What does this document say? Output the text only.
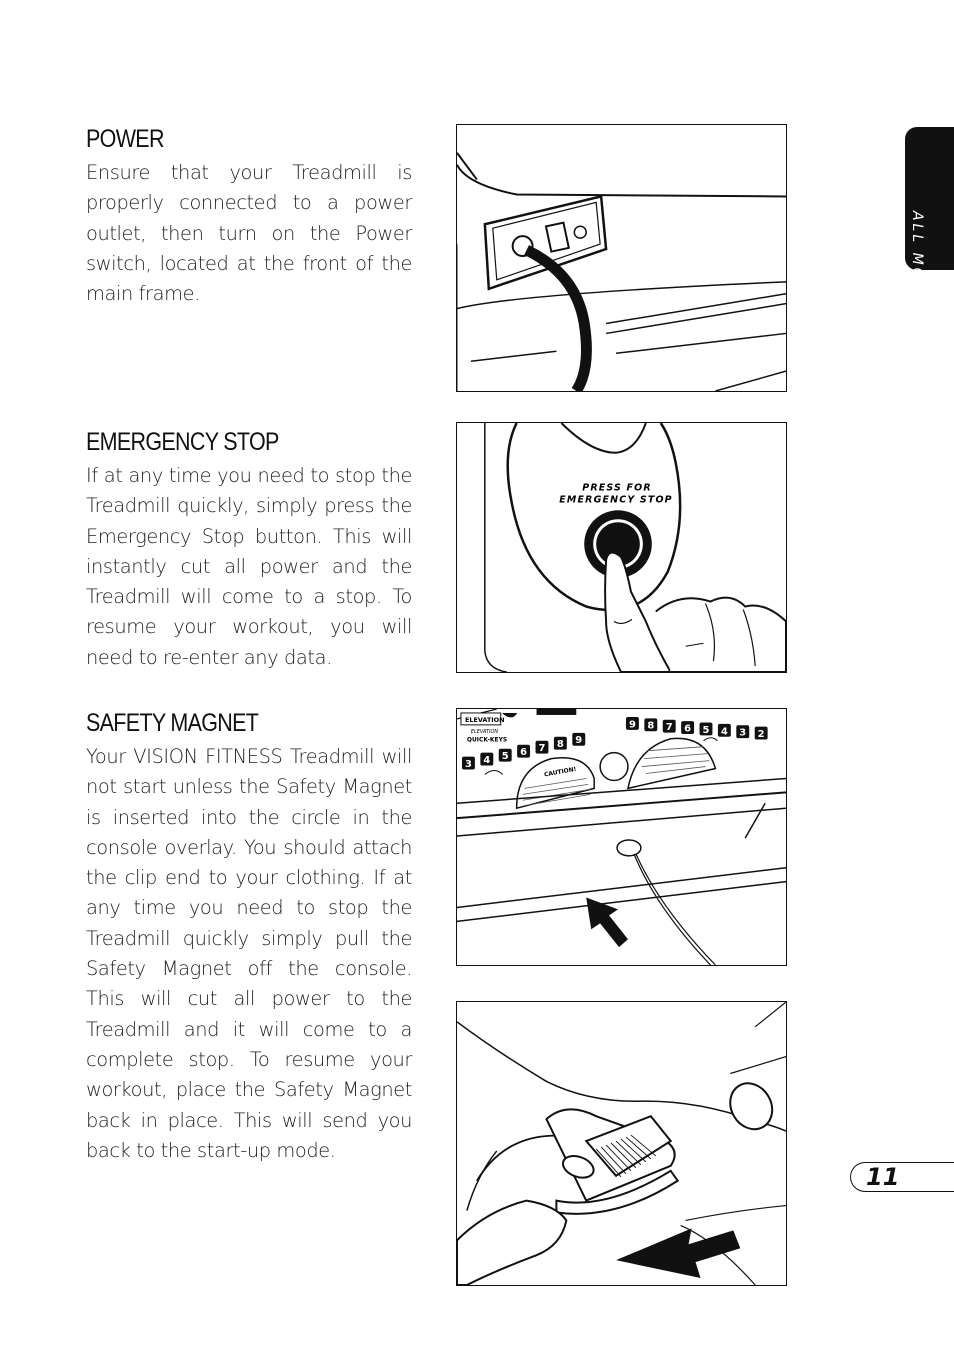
POWER

Ensure that your Treadmill is properly connected to a power outlet, then turn on the Power switch, located at the front of the main frame.

EMERGENCY STOP

If at any time you need to stop the Treadmill quickly, simply press the Emergency Stop button. This will instantly cut all power and the Treadmill will come to a stop. To resume your workout, you will need to re-enter any data.

SAFETY MAGNET

Your VISION FITNESS Treadmill will not start unless the Safety Magnet is inserted into the circle in the console overlay. You should attach the clip end to your clothing. If at any time you need to stop the Treadmill quickly simply pull the Safety Magnet off the console. This will cut all power to the Treadmill and it will come to a complete stop. To resume your workout, place the Safety Magnet back in place. This will send you back to the start-up mode.

PRESS FOR
EMERGENCY STOP
ELEVATION
ELEVATION
QUICK-KEYS
3 4 5 6 7 8 9
9 8 7 6 5 4 3 2
CAUTION!
ALL MODELS
11
